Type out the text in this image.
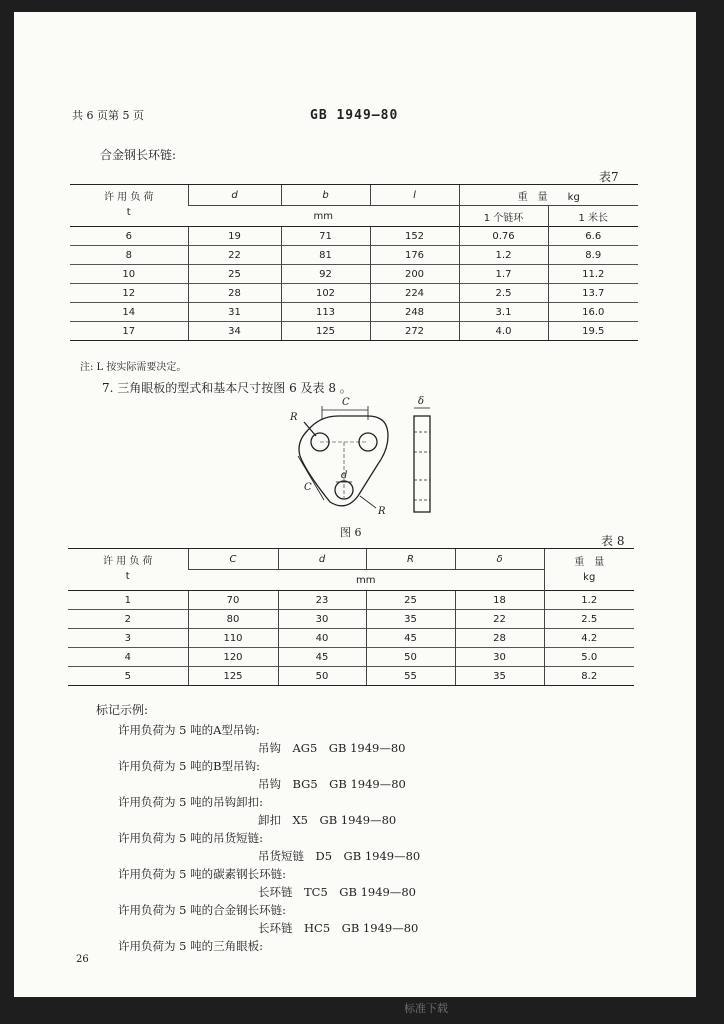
共 6 页第 5 页	GB 1949—80
合金钢长环链:
表7
许 用 负 荷
t	d	b	l	重　量　　kg	
	mm			1 个链环	1 米长
6	19	71	152	0.76	6.6
8	22	81	176	1.2	8.9
10	25	92	200	1.7	11.2
12	28	102	224	2.5	13.7
14	31	113	248	3.1	16.0
17	34	125	272	4.0	19.5
注: L 按实际需要决定。
7. 三角眼板的型式和基本尺寸按图 6 及表 8 。
R
C
C
d
R
δ
图 6
表 8
许 用 负 荷
t	C	d	R	δ	重　量
kg
	mm				
1	70	23	25	18	1.2
2	80	30	35	22	2.5
3	110	40	45	28	4.2
4	120	45	50	30	5.0
5	125	50	55	35	8.2
标记示例:
许用负荷为 5 吨的A型吊钩:
吊钩　AG5　GB 1949—80
许用负荷为 5 吨的B型吊钩:
吊钩　BG5　GB 1949—80
许用负荷为 5 吨的吊钩卸扣:
卸扣　X5　GB 1949—80
许用负荷为 5 吨的吊货短链:
吊货短链　D5　GB 1949—80
许用负荷为 5 吨的碳素钢长环链:
长环链　TC5　GB 1949—80
许用负荷为 5 吨的合金钢长环链:
长环链　HC5　GB 1949—80
许用负荷为 5 吨的三角眼板:
26
标准下载
